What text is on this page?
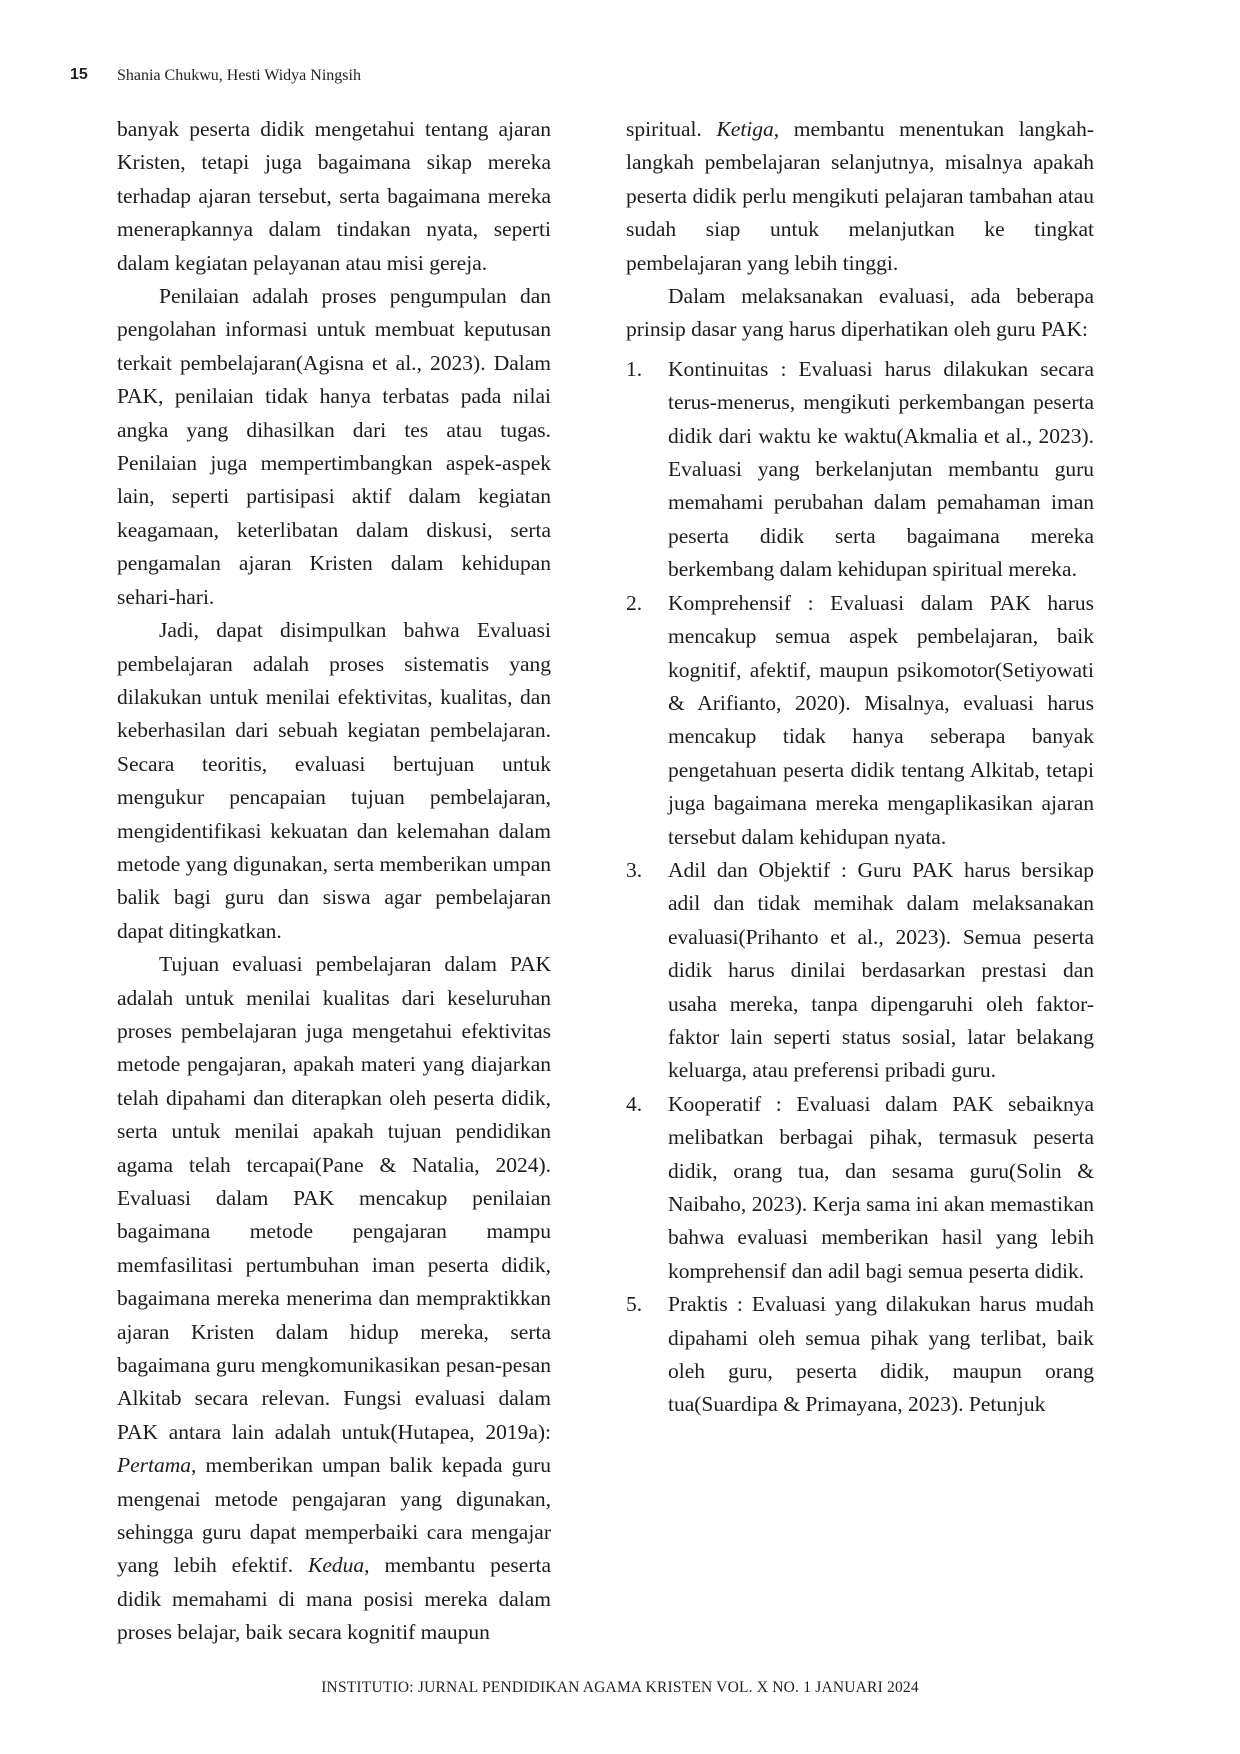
15 Shania Chukwu, Hesti Widya Ningsih

banyak peserta didik mengetahui tentang ajaran Kristen, tetapi juga bagaimana sikap mereka terhadap ajaran tersebut, serta bagaimana mereka menerapkannya dalam tindakan nyata, seperti dalam kegiatan pelayanan atau misi gereja.

Penilaian adalah proses pengumpulan dan pengolahan informasi untuk membuat keputusan terkait pembelajaran(Agisna et al., 2023). Dalam PAK, penilaian tidak hanya terbatas pada nilai angka yang dihasilkan dari tes atau tugas. Penilaian juga mempertimbangkan aspek-aspek lain, seperti partisipasi aktif dalam kegiatan keagamaan, keterlibatan dalam diskusi, serta pengamalan ajaran Kristen dalam kehidupan sehari-hari.

Jadi, dapat disimpulkan bahwa Evaluasi pembelajaran adalah proses sistematis yang dilakukan untuk menilai efektivitas, kualitas, dan keberhasilan dari sebuah kegiatan pembelajaran. Secara teoritis, evaluasi bertujuan untuk mengukur pencapaian tujuan pembelajaran, mengidentifikasi kekuatan dan kelemahan dalam metode yang digunakan, serta memberikan umpan balik bagi guru dan siswa agar pembelajaran dapat ditingkatkan.

Tujuan evaluasi pembelajaran dalam PAK adalah untuk menilai kualitas dari keseluruhan proses pembelajaran juga mengetahui efektivitas metode pengajaran, apakah materi yang diajarkan telah dipahami dan diterapkan oleh peserta didik, serta untuk menilai apakah tujuan pendidikan agama telah tercapai(Pane & Natalia, 2024). Evaluasi dalam PAK mencakup penilaian bagaimana metode pengajaran mampu memfasilitasi pertumbuhan iman peserta didik, bagaimana mereka menerima dan mempraktikkan ajaran Kristen dalam hidup mereka, serta bagaimana guru mengkomunikasikan pesan-pesan Alkitab secara relevan. Fungsi evaluasi dalam PAK antara lain adalah untuk(Hutapea, 2019a): Pertama, memberikan umpan balik kepada guru mengenai metode pengajaran yang digunakan, sehingga guru dapat memperbaiki cara mengajar yang lebih efektif. Kedua, membantu peserta didik memahami di mana posisi mereka dalam proses belajar, baik secara kognitif maupun

spiritual. Ketiga, membantu menentukan langkah-langkah pembelajaran selanjutnya, misalnya apakah peserta didik perlu mengikuti pelajaran tambahan atau sudah siap untuk melanjutkan ke tingkat pembelajaran yang lebih tinggi.

Dalam melaksanakan evaluasi, ada beberapa prinsip dasar yang harus diperhatikan oleh guru PAK:

1. Kontinuitas : Evaluasi harus dilakukan secara terus-menerus, mengikuti perkembangan peserta didik dari waktu ke waktu(Akmalia et al., 2023). Evaluasi yang berkelanjutan membantu guru memahami perubahan dalam pemahaman iman peserta didik serta bagaimana mereka berkembang dalam kehidupan spiritual mereka.
2. Komprehensif : Evaluasi dalam PAK harus mencakup semua aspek pembelajaran, baik kognitif, afektif, maupun psikomotor(Setiyowati & Arifianto, 2020). Misalnya, evaluasi harus mencakup tidak hanya seberapa banyak pengetahuan peserta didik tentang Alkitab, tetapi juga bagaimana mereka mengaplikasikan ajaran tersebut dalam kehidupan nyata.
3. Adil dan Objektif : Guru PAK harus bersikap adil dan tidak memihak dalam melaksanakan evaluasi(Prihanto et al., 2023). Semua peserta didik harus dinilai berdasarkan prestasi dan usaha mereka, tanpa dipengaruhi oleh faktor-faktor lain seperti status sosial, latar belakang keluarga, atau preferensi pribadi guru.
4. Kooperatif : Evaluasi dalam PAK sebaiknya melibatkan berbagai pihak, termasuk peserta didik, orang tua, dan sesama guru(Solin & Naibaho, 2023). Kerja sama ini akan memastikan bahwa evaluasi memberikan hasil yang lebih komprehensif dan adil bagi semua peserta didik.
5. Praktis : Evaluasi yang dilakukan harus mudah dipahami oleh semua pihak yang terlibat, baik oleh guru, peserta didik, maupun orang tua(Suardipa & Primayana, 2023). Petunjuk
INSTITUTIO: JURNAL PENDIDIKAN AGAMA KRISTEN VOL. X NO. 1 JANUARI 2024
